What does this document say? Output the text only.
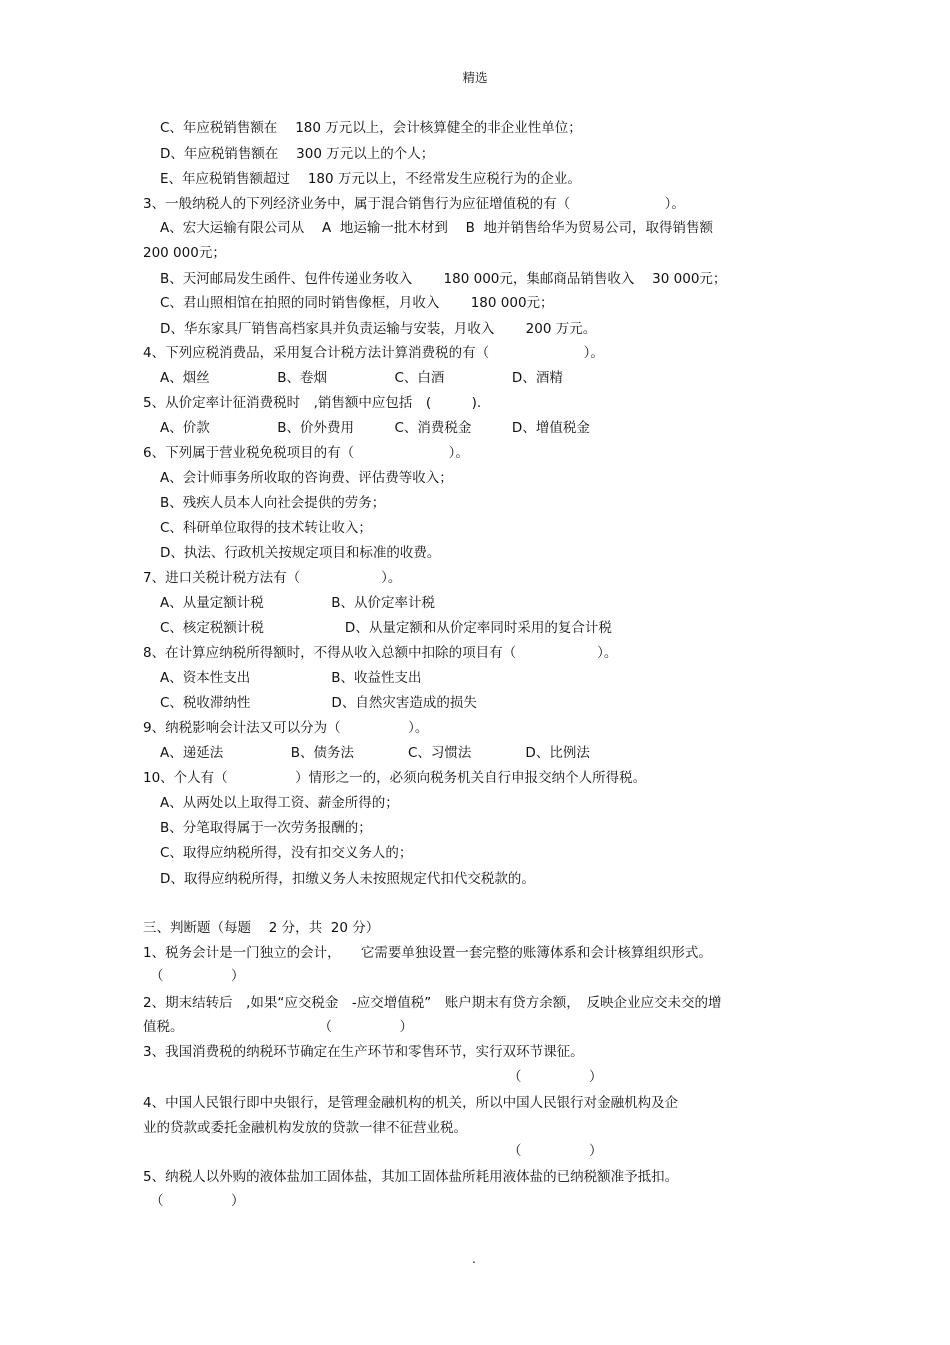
精选
C、年应税销售额在　 180 万元以上，会计核算健全的非企业性单位；
D、年应税销售额在　 300 万元以上的个人；
E、年应税销售额超过　 180 万元以上，不经常发生应税行为的企业。
3、一般纳税人的下列经济业务中，属于混合销售行为应征增值税的有（　　　　　　　）。
A、宏大运输有限公司从　 A  地运输一批木材到　 B  地并销售给华为贸易公司，取得销售额
200 000元；
B、天河邮局发生函件、包件传递业务收入　　 180 000元，集邮商品销售收入　 30 000元；
C、君山照相馆在拍照的同时销售像框，月收入　　 180 000元；
D、华东家具厂销售高档家具并负责运输与安装，月收入　　 200 万元。
4、下列应税消费品，采用复合计税方法计算消费税的有（　　　　　　　）。
A、烟丝　　　　　B、卷烟　　　　　C、白酒　　　　　D、酒精
5、从价定率计征消费税时　,销售额中应包括　(　　　).
A、价款　　　　　B、价外费用　　　C、消费税金　　　D、增值税金
6、下列属于营业税免税项目的有（　　　　　　　）。
A、会计师事务所收取的咨询费、评估费等收入；
B、残疾人员本人向社会提供的劳务；
C、科研单位取得的技术转让收入；
D、执法、行政机关按规定项目和标准的收费。
7、进口关税计税方法有（　　　　　　）。
A、从量定额计税　　　　　B、从价定率计税
C、核定税额计税　　　　　　D、从量定额和从价定率同时采用的复合计税
8、在计算应纳税所得额时，不得从收入总额中扣除的项目有（　　　　　　）。
A、资本性支出　　　　　　B、收益性支出
C、税收滞纳性　　　　　　D、自然灾害造成的损失
9、纳税影响会计法又可以分为（　　　　　）。
A、递延法　　　　　B、债务法　　　　C、习惯法　　　　D、比例法
10、个人有（　　　　　）情形之一的，必须向税务机关自行申报交纳个人所得税。
A、从两处以上取得工资、薪金所得的；
B、分笔取得属于一次劳务报酬的；
C、取得应纳税所得，没有扣交义务人的；
D、取得应纳税所得，扣缴义务人未按照规定代扣代交税款的。
三、判断题（每题　 2 分，共  20 分）
1、税务会计是一门独立的会计，　　它需要单独设置一套完整的账簿体系和会计核算组织形式。
（　　　　　）
2、期末结转后　,如果“应交税金　-应交增值税”　账户期末有贷方余额，　反映企业应交未交的增
值税。　　　　　　　　　　　（　　　　　）
3、我国消费税的纳税环节确定在生产环节和零售环节，实行双环节课征。
（　　　　　）
4、中国人民银行即中央银行，是管理金融机构的机关，所以中国人民银行对金融机构及企
业的贷款或委托金融机构发放的贷款一律不征营业税。
（　　　　　）
5、纳税人以外购的液体盐加工固体盐，其加工固体盐所耗用液体盐的已纳税额准予抵扣。
（　　　　　）
.
